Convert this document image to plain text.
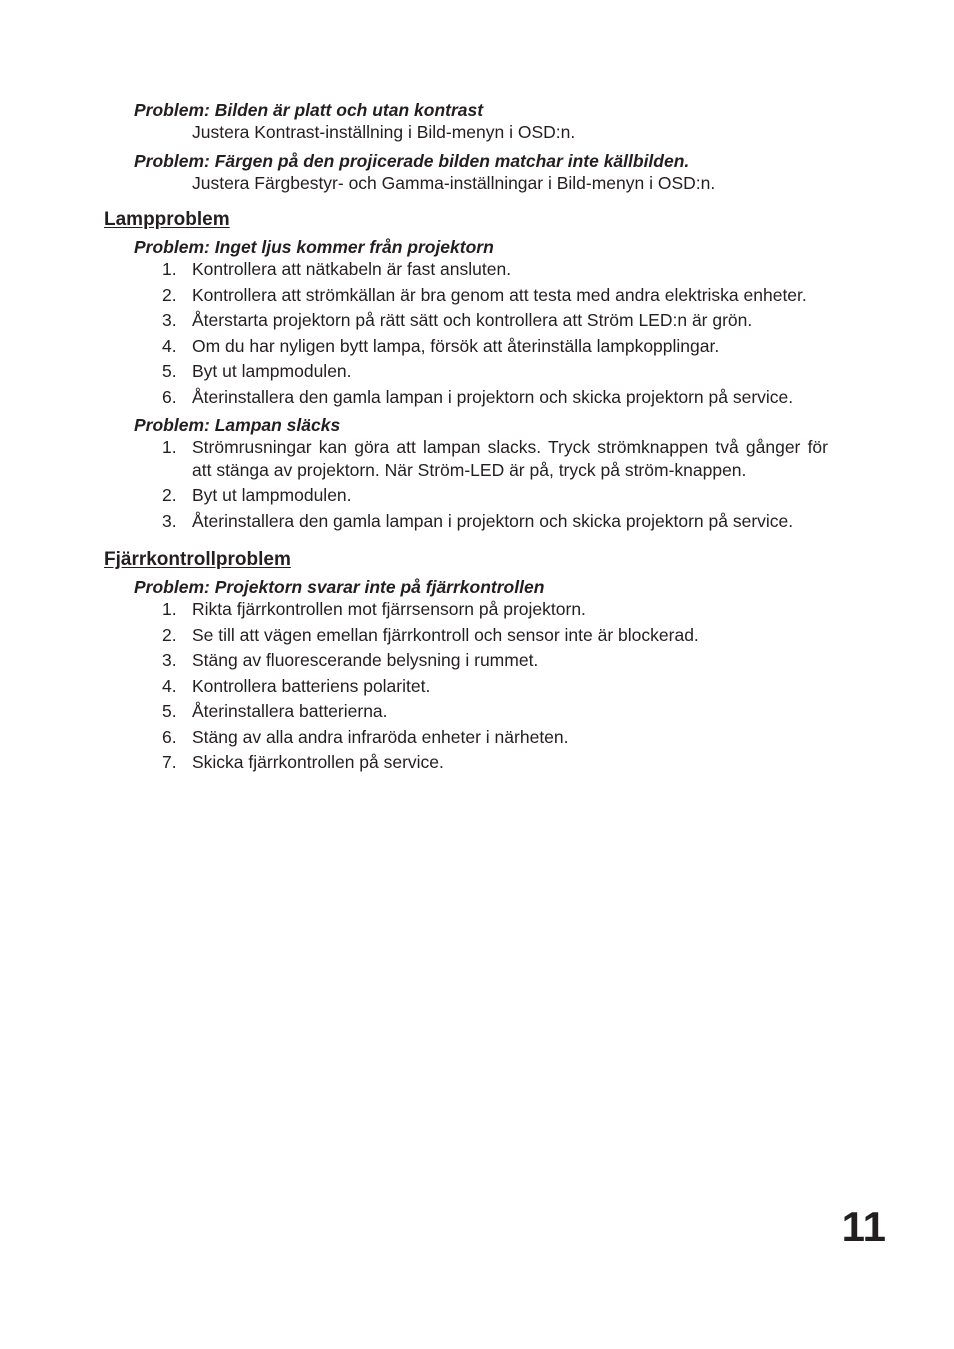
Problem: Bilden är platt och utan kontrast

Justera Kontrast-inställning i Bild-menyn i OSD:n.

Problem: Färgen på den projicerade bilden matchar inte källbilden.

Justera Färgbestyr- och Gamma-inställningar i Bild-menyn i OSD:n.

Lampproblem

Problem: Inget ljus kommer från projektorn

1. Kontrollera att nätkabeln är fast ansluten.
2. Kontrollera att strömkällan är bra genom att testa med andra elektriska enheter.
3. Återstarta projektorn på rätt sätt och kontrollera att Ström LED:n är grön.
4. Om du har nyligen bytt lampa, försök att återinställa lampkopplingar.
5. Byt ut lampmodulen.
6. Återinstallera den gamla lampan i projektorn och skicka projektorn på service.

Problem: Lampan släcks

1. Strömrusningar kan göra att lampan slacks. Tryck strömknappen två gånger för att stänga av projektorn. När Ström-LED är på, tryck på ström-knappen.
2. Byt ut lampmodulen.
3. Återinstallera den gamla lampan i projektorn och skicka projektorn på service.
Fjärrkontrollproblem

Problem: Projektorn svarar inte på fjärrkontrollen

1. Rikta fjärrkontrollen mot fjärrsensorn på projektorn.
2. Se till att vägen emellan fjärrkontroll och sensor inte är blockerad.
3. Stäng av fluorescerande belysning i rummet.
4. Kontrollera batteriens polaritet.
5. Återinstallera batterierna.
6. Stäng av alla andra infraröda enheter i närheten.
7. Skicka fjärrkontrollen på service.
11
